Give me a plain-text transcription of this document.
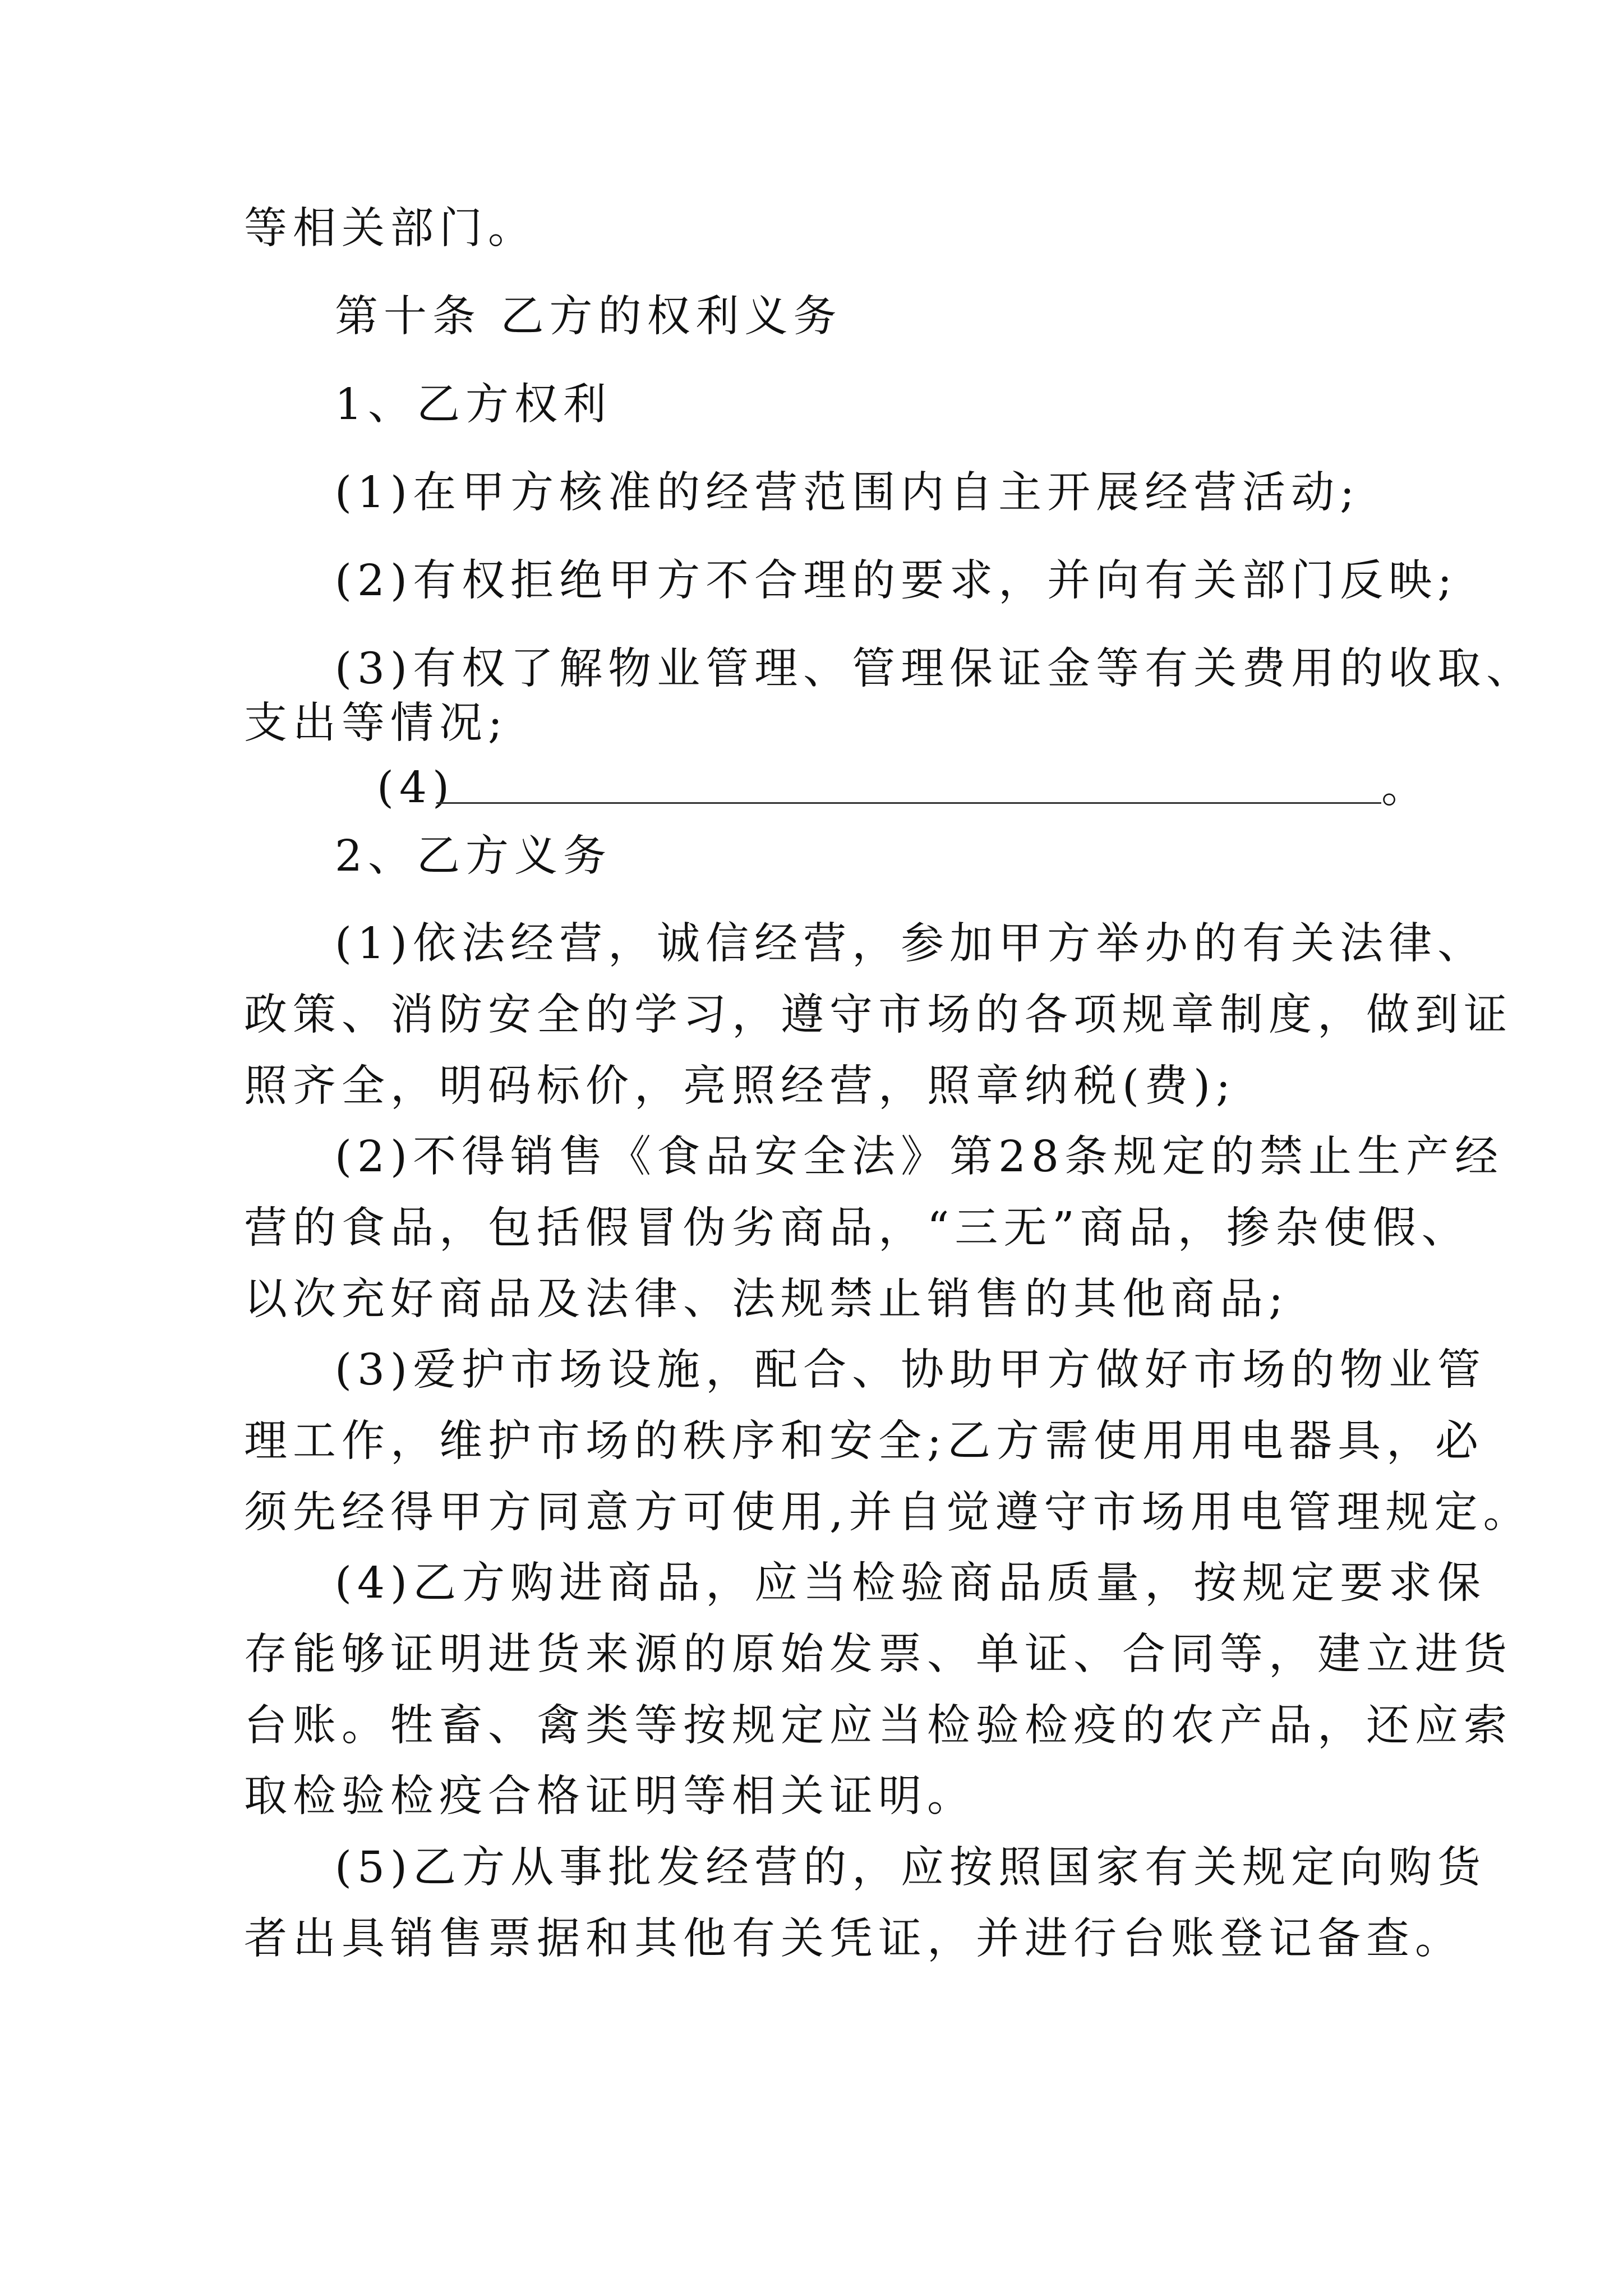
等相关部门。
第十条 乙方的权利义务
1、乙方权利
(1)在甲方核准的经营范围内自主开展经营活动;
(2)有权拒绝甲方不合理的要求，并向有关部门反映;
(3)有权了解物业管理、管理保证金等有关费用的收取、
支出等情况;
(4)	。
2、乙方义务
(1)依法经营，诚信经营，参加甲方举办的有关法律、
政策、消防安全的学习，遵守市场的各项规章制度，做到证
照齐全，明码标价，亮照经营，照章纳税(费);
(2)不得销售《食品安全法》第28条规定的禁止生产经
营的食品，包括假冒伪劣商品，“三无”商品，掺杂使假、
以次充好商品及法律、法规禁止销售的其他商品;
(3)爱护市场设施，配合、协助甲方做好市场的物业管
理工作，维护市场的秩序和安全;乙方需使用用电器具，必
须先经得甲方同意方可使用,并自觉遵守市场用电管理规定。
(4)乙方购进商品，应当检验商品质量，按规定要求保
存能够证明进货来源的原始发票、单证、合同等，建立进货
台账。牲畜、禽类等按规定应当检验检疫的农产品，还应索
取检验检疫合格证明等相关证明。
(5)乙方从事批发经营的，应按照国家有关规定向购货
者出具销售票据和其他有关凭证，并进行台账登记备查。
